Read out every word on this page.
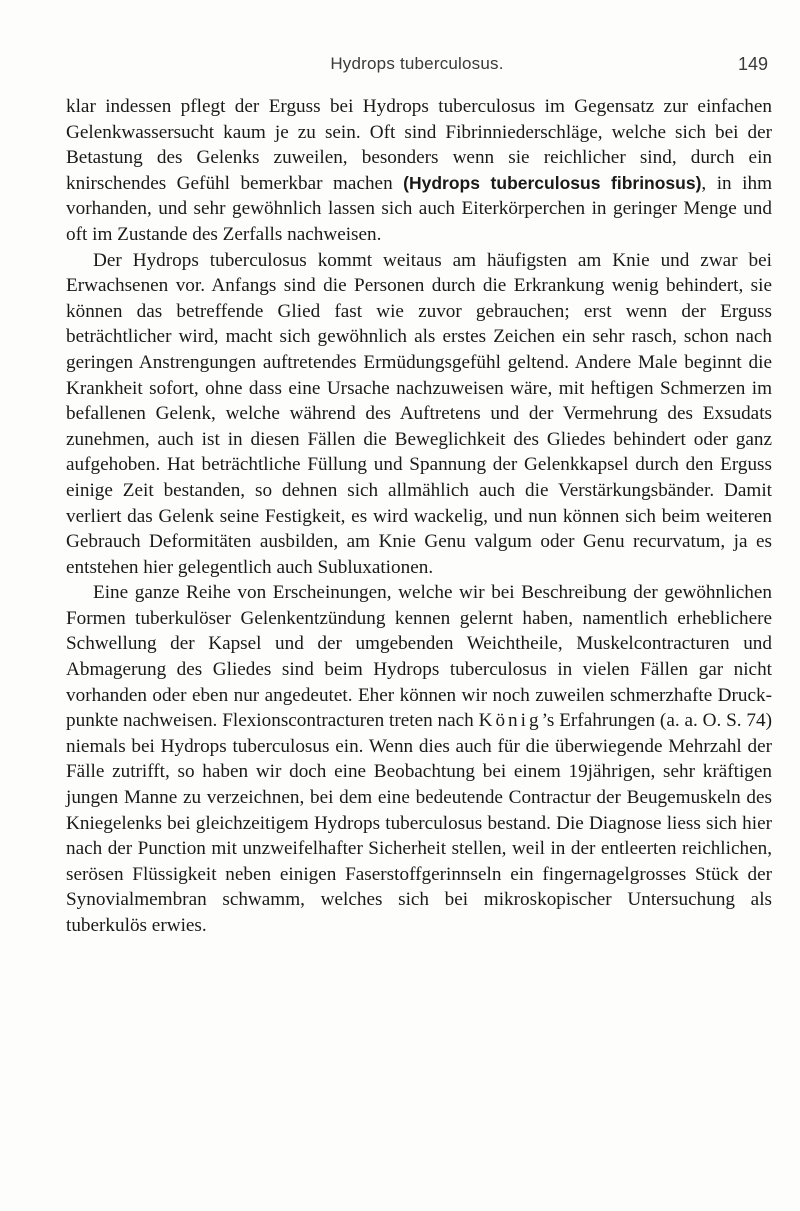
Hydrops tuberculosus.	149

klar indessen pflegt der Erguss bei Hydrops tuberculosus im Gegensatz zur einfachen Gelenkwassersucht kaum je zu sein. Oft sind Fibrinniederschläge, welche sich bei der Betastung des Gelenks zuweilen, besonders wenn sie reichlicher sind, durch ein knirschendes Gefühl bemerkbar machen (Hydrops tuberculosus fibrinosus), in ihm vorhanden, und sehr gewöhnlich lassen sich auch Eiterkörperchen in geringer Menge und oft im Zustande des Zerfalls nachweisen.

Der Hydrops tuberculosus kommt weitaus am häufigsten am Knie und zwar bei Erwachsenen vor. Anfangs sind die Personen durch die Erkrankung wenig behindert, sie können das betreffende Glied fast wie zuvor gebrauchen; erst wenn der Erguss beträchtlicher wird, macht sich gewöhnlich als erstes Zeichen ein sehr rasch, schon nach geringen Anstrengungen auftretendes Ermüdungsgefühl geltend. Andere Male beginnt die Krankheit sofort, ohne dass eine Ursache nachzuweisen wäre, mit heftigen Schmerzen im befallenen Gelenk, welche während des Auftretens und der Vermehrung des Exsudats zunehmen, auch ist in diesen Fällen die Beweglichkeit des Gliedes behindert oder ganz aufgehoben. Hat beträchtliche Füllung und Spannung der Gelenkkapsel durch den Erguss einige Zeit bestanden, so dehnen sich allmählich auch die Verstärkungsbänder. Damit verliert das Gelenk seine Festigkeit, es wird wackelig, und nun können sich beim weiteren Gebrauch Deformitäten ausbilden, am Knie Genu valgum oder Genu recurvatum, ja es entstehen hier gelegentlich auch Subluxationen.

Eine ganze Reihe von Erscheinungen, welche wir bei Beschreibung der gewöhnlichen Formen tuberkulöser Gelenkentzündung kennen gelernt haben, namentlich erheblichere Schwellung der Kapsel und der umgebenden Weichtheile, Muskelcontracturen und Abmagerung des Gliedes sind beim Hydrops tuberculosus in vielen Fällen gar nicht vorhanden oder eben nur angedeutet. Eher können wir noch zuweilen schmerzhafte Druckpunkte nachweisen. Flexionscontracturen treten nach König’s Erfahrungen (a. a. O. S. 74) niemals bei Hydrops tuberculosus ein. Wenn dies auch für die überwiegende Mehrzahl der Fälle zutrifft, so haben wir doch eine Beobachtung bei einem 19jährigen, sehr kräftigen jungen Manne zu verzeichnen, bei dem eine bedeutende Contractur der Beugemuskeln des Kniegelenks bei gleichzeitigem Hydrops tuberculosus bestand. Die Diagnose liess sich hier nach der Punction mit unzweifelhafter Sicherheit stellen, weil in der entleerten reichlichen, serösen Flüssigkeit neben einigen Faserstoffgerinnseln ein fingernagelgrosses Stück der Synovialmembran schwamm, welches sich bei mikroskopischer Untersuchung als tuberkulös erwies.
